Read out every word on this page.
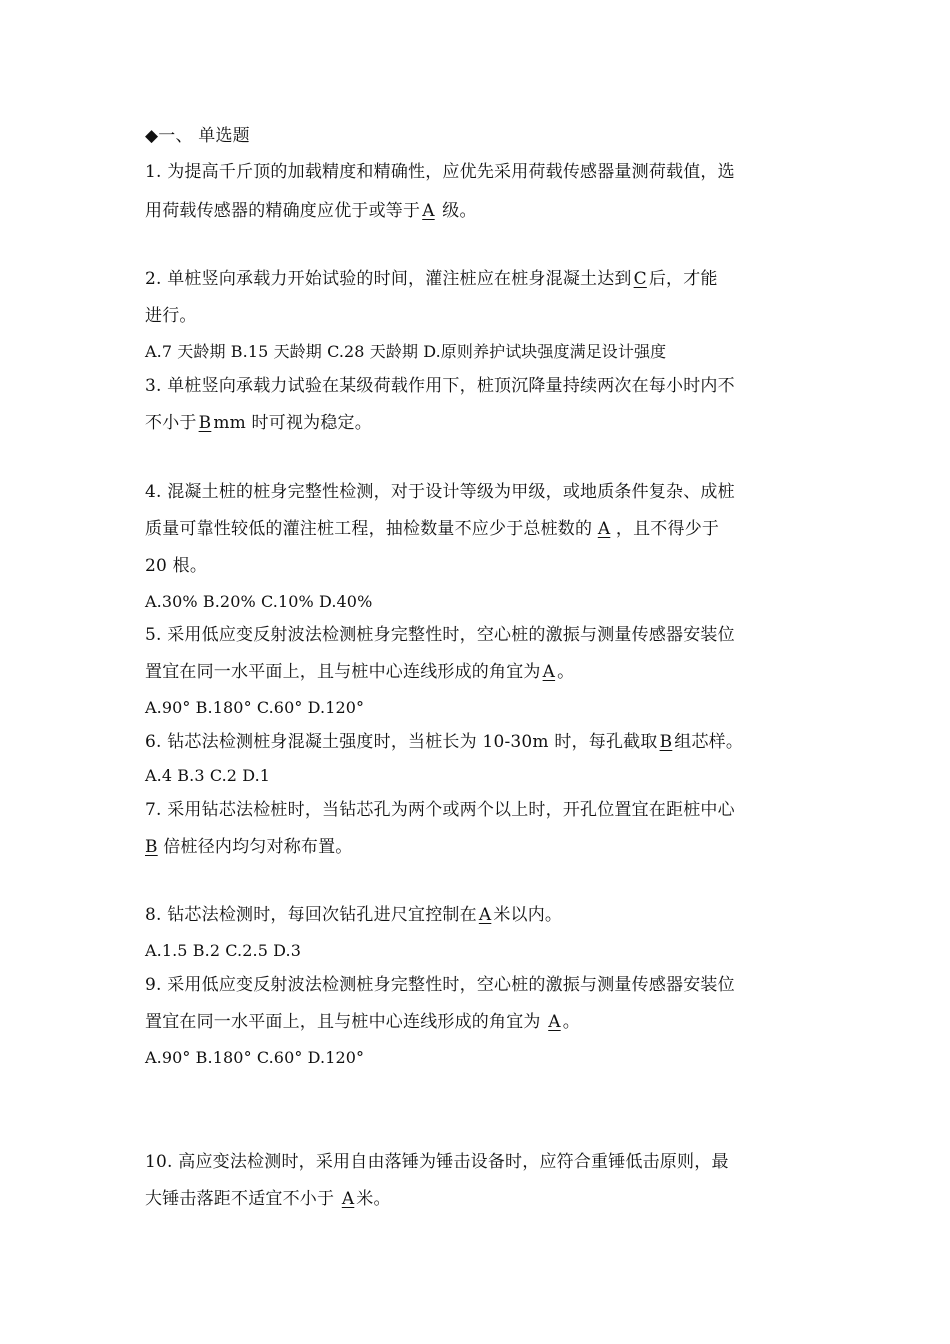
◆一、 单选题
1. 为提高千斤顶的加载精度和精确性，应优先采用荷载传感器量测荷载值，选
用荷载传感器的精确度应优于或等于 A 级。
2. 单桩竖向承载力开始试验的时间，灌注桩应在桩身混凝土达到 C 后，才能
进行。
A.7 天龄期 B.15 天龄期 C.28 天龄期 D.原则养护试块强度满足设计强度
3. 单桩竖向承载力试验在某级荷载作用下，桩顶沉降量持续两次在每小时内不
不小于 B mm 时可视为稳定。
4. 混凝土桩的桩身完整性检测，对于设计等级为甲级，或地质条件复杂、成桩
质量可靠性较低的灌注桩工程，抽检数量不应少于总桩数的 A ，且不得少于
20 根。
A.30% B.20% C.10% D.40%
5. 采用低应变反射波法检测桩身完整性时，空心桩的激振与测量传感器安装位
置宜在同一水平面上，且与桩中心连线形成的角宜为 A 。
A.90° B.180° C.60° D.120°
6. 钻芯法检测桩身混凝土强度时，当桩长为 10-30m 时，每孔截取 B 组芯样。
A.4 B.3 C.2 D.1
7. 采用钻芯法检桩时，当钻芯孔为两个或两个以上时，开孔位置宜在距桩中心
B 倍桩径内均匀对称布置。
8. 钻芯法检测时，每回次钻孔进尺宜控制在 A 米以内。
A.1.5 B.2 C.2.5 D.3
9. 采用低应变反射波法检测桩身完整性时，空心桩的激振与测量传感器安装位
置宜在同一水平面上，且与桩中心连线形成的角宜为 A 。
A.90° B.180° C.60° D.120°
10. 高应变法检测时，采用自由落锤为锤击设备时，应符合重锤低击原则，最
大锤击落距不适宜不小于 A 米。
